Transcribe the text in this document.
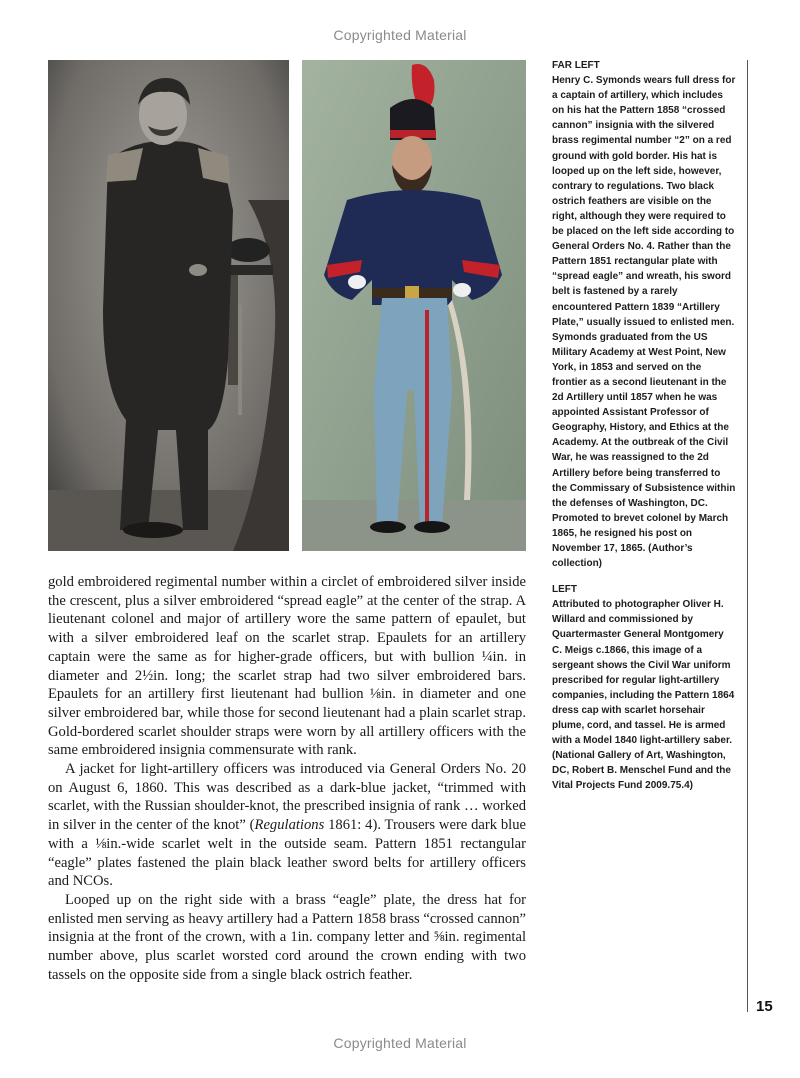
Copyrighted Material

gold embroidered regimental number within a circlet of embroidered silver inside the crescent, plus a silver embroidered “spread eagle” at the center of the strap. A lieutenant colonel and major of artillery wore the same pattern of epaulet, but with a silver embroidered leaf on the scarlet strap. Epaulets for an artillery captain were the same as for higher-grade officers, but with bullion ¼in. in diameter and 2½in. long; the scarlet strap had two silver embroidered bars. Epaulets for an artillery first lieutenant had bullion ⅛in. in diameter and one silver embroidered bar, while those for second lieutenant had a plain scarlet strap. Gold-bordered scarlet shoulder straps were worn by all artillery officers with the same embroidered insignia commensurate with rank.

A jacket for light-artillery officers was introduced via General Orders No. 20 on August 6, 1860. This was described as a dark-blue jacket, “trimmed with scarlet, with the Russian shoulder-knot, the prescribed insignia of rank … worked in silver in the center of the knot” (Regulations 1861: 4). Trousers were dark blue with a ⅛in.-wide scarlet welt in the outside seam. Pattern 1851 rectangular “eagle” plates fastened the plain black leather sword belts for artillery officers and NCOs.

Looped up on the right side with a brass “eagle” plate, the dress hat for enlisted men serving as heavy artillery had a Pattern 1858 brass “crossed cannon” insignia at the front of the crown, with a 1in. company letter and ⅝in. regimental number above, plus scarlet worsted cord around the crown ending with two tassels on the opposite side from a single black ostrich feather.

FAR LEFT
Henry C. Symonds wears full dress for a captain of artillery, which includes on his hat the Pattern 1858 “crossed cannon” insignia with the silvered brass regimental number “2” on a red ground with gold border. His hat is looped up on the left side, however, contrary to regulations. Two black ostrich feathers are visible on the right, although they were required to be placed on the left side according to General Orders No. 4. Rather than the Pattern 1851 rectangular plate with “spread eagle” and wreath, his sword belt is fastened by a rarely encountered Pattern 1839 “Artillery Plate,” usually issued to enlisted men. Symonds graduated from the US Military Academy at West Point, New York, in 1853 and served on the frontier as a second lieutenant in the 2d Artillery until 1857 when he was appointed Assistant Professor of Geography, History, and Ethics at the Academy. At the outbreak of the Civil War, he was reassigned to the 2d Artillery before being transferred to the Commissary of Subsistence within the defenses of Washington, DC. Promoted to brevet colonel by March 1865, he resigned his post on November 17, 1865. (Author’s collection)
LEFT
Attributed to photographer Oliver H. Willard and commissioned by Quartermaster General Montgomery C. Meigs c.1866, this image of a sergeant shows the Civil War uniform prescribed for regular light-artillery companies, including the Pattern 1864 dress cap with scarlet horsehair plume, cord, and tassel. He is armed with a Model 1840 light-artillery saber. (National Gallery of Art, Washington, DC, Robert B. Menschel Fund and the Vital Projects Fund 2009.75.4)
15
Copyrighted Material
